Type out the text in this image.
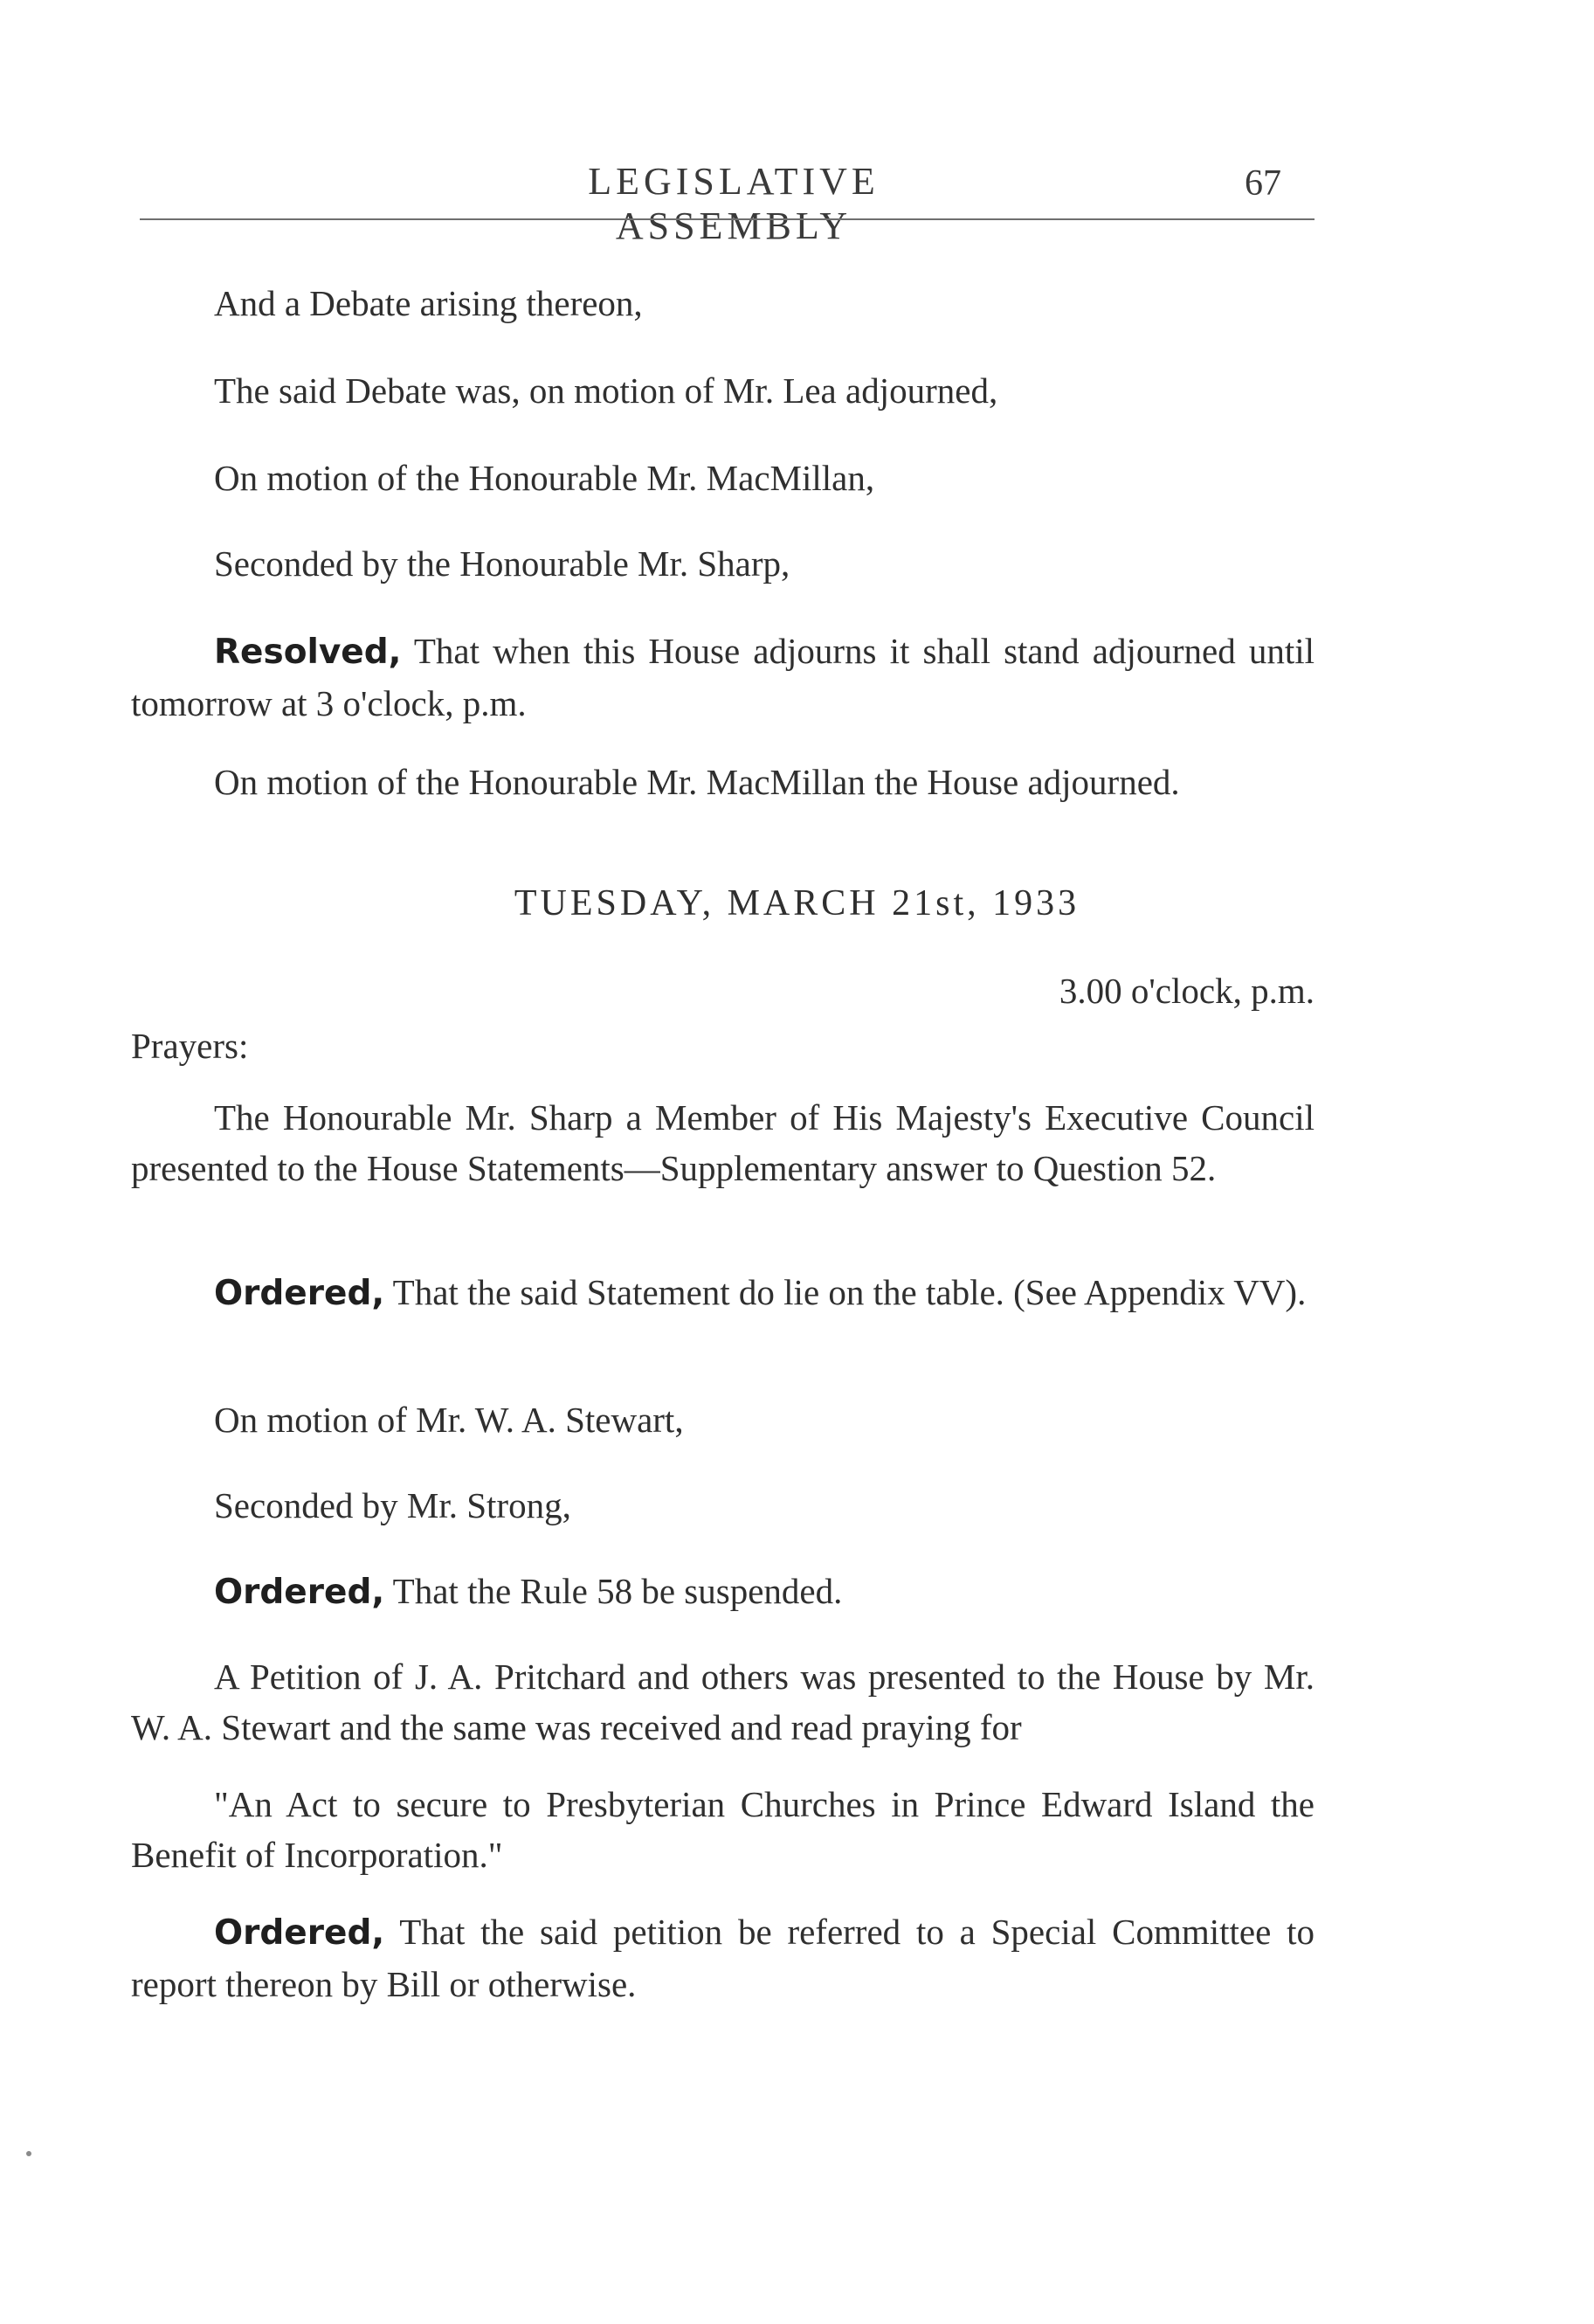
LEGISLATIVE ASSEMBLY
67

And a Debate arising thereon,

The said Debate was, on motion of Mr. Lea adjourned,

On motion of the Honourable Mr. MacMillan,

Seconded by the Honourable Mr. Sharp,

Resolved, That when this House adjourns it shall stand adjourned until tomorrow at 3 o'clock, p.m.

On motion of the Honourable Mr. MacMillan the House adjourned.

TUESDAY, MARCH 21st, 1933
3.00 o'clock, p.m.

Prayers:

The Honourable Mr. Sharp a Member of His Majesty's Executive Council presented to the House Statements—Supplementary answer to Question 52.

Ordered, That the said Statement do lie on the table. (See Appendix VV).

On motion of Mr. W. A. Stewart,

Seconded by Mr. Strong,

Ordered, That the Rule 58 be suspended.

A Petition of J. A. Pritchard and others was presented to the House by Mr. W. A. Stewart and the same was received and read praying for

"An Act to secure to Presbyterian Churches in Prince Edward Island the Benefit of Incorporation."

Ordered, That the said petition be referred to a Special Committee to report thereon by Bill or otherwise.
